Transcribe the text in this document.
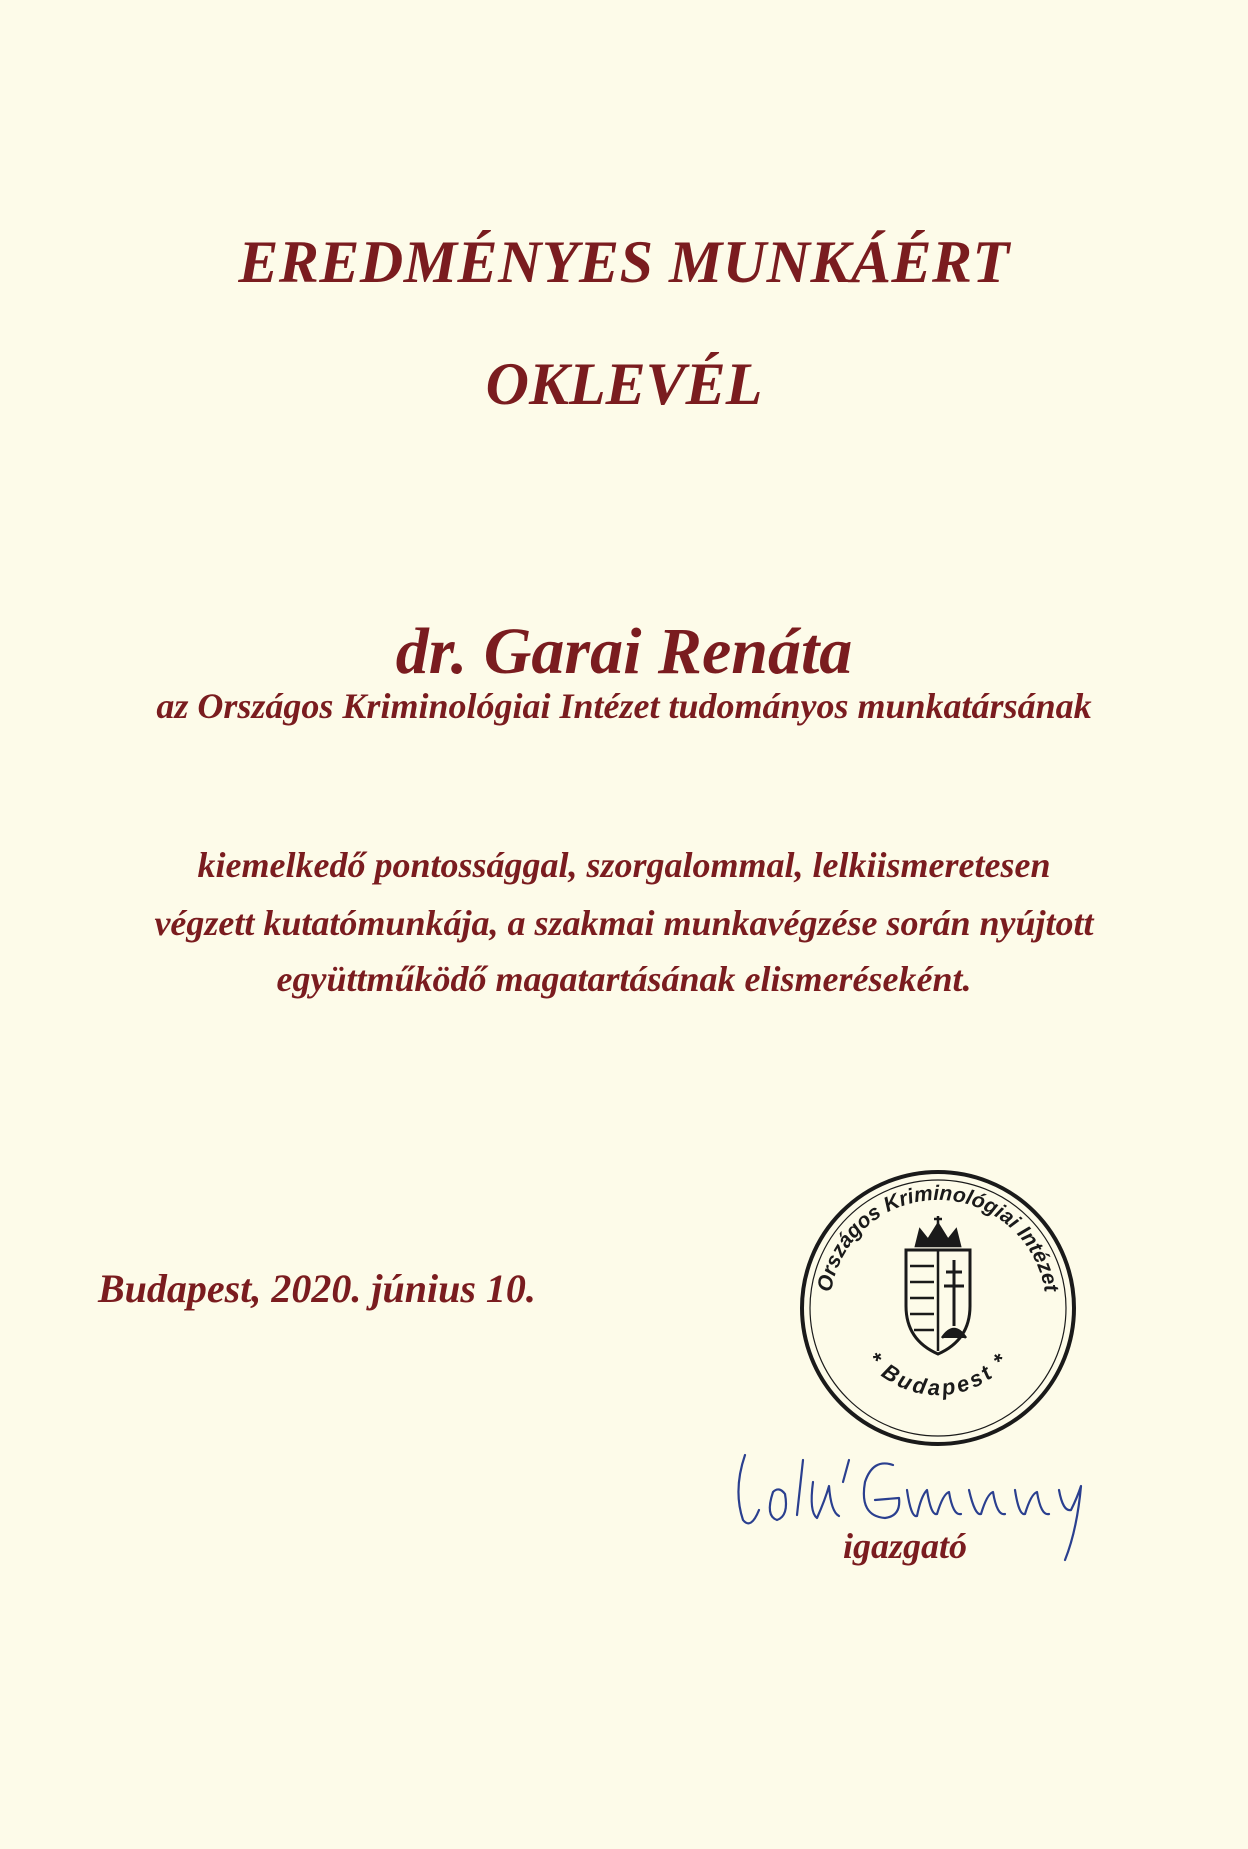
EREDMÉNYES MUNKÁÉRT
OKLEVÉL
dr. Garai Renáta
az Országos Kriminológiai Intézet tudományos munkatársának
kiemelkedő pontossággal, szorgalommal, lelkiismeretesen
végzett kutatómunkája, a szakmai munkavégzése során nyújtott
együttműködő magatartásának elismeréseként.
Budapest, 2020. június 10.	Országos Kriminológiai Intézet
* Budapest *
igazgató
